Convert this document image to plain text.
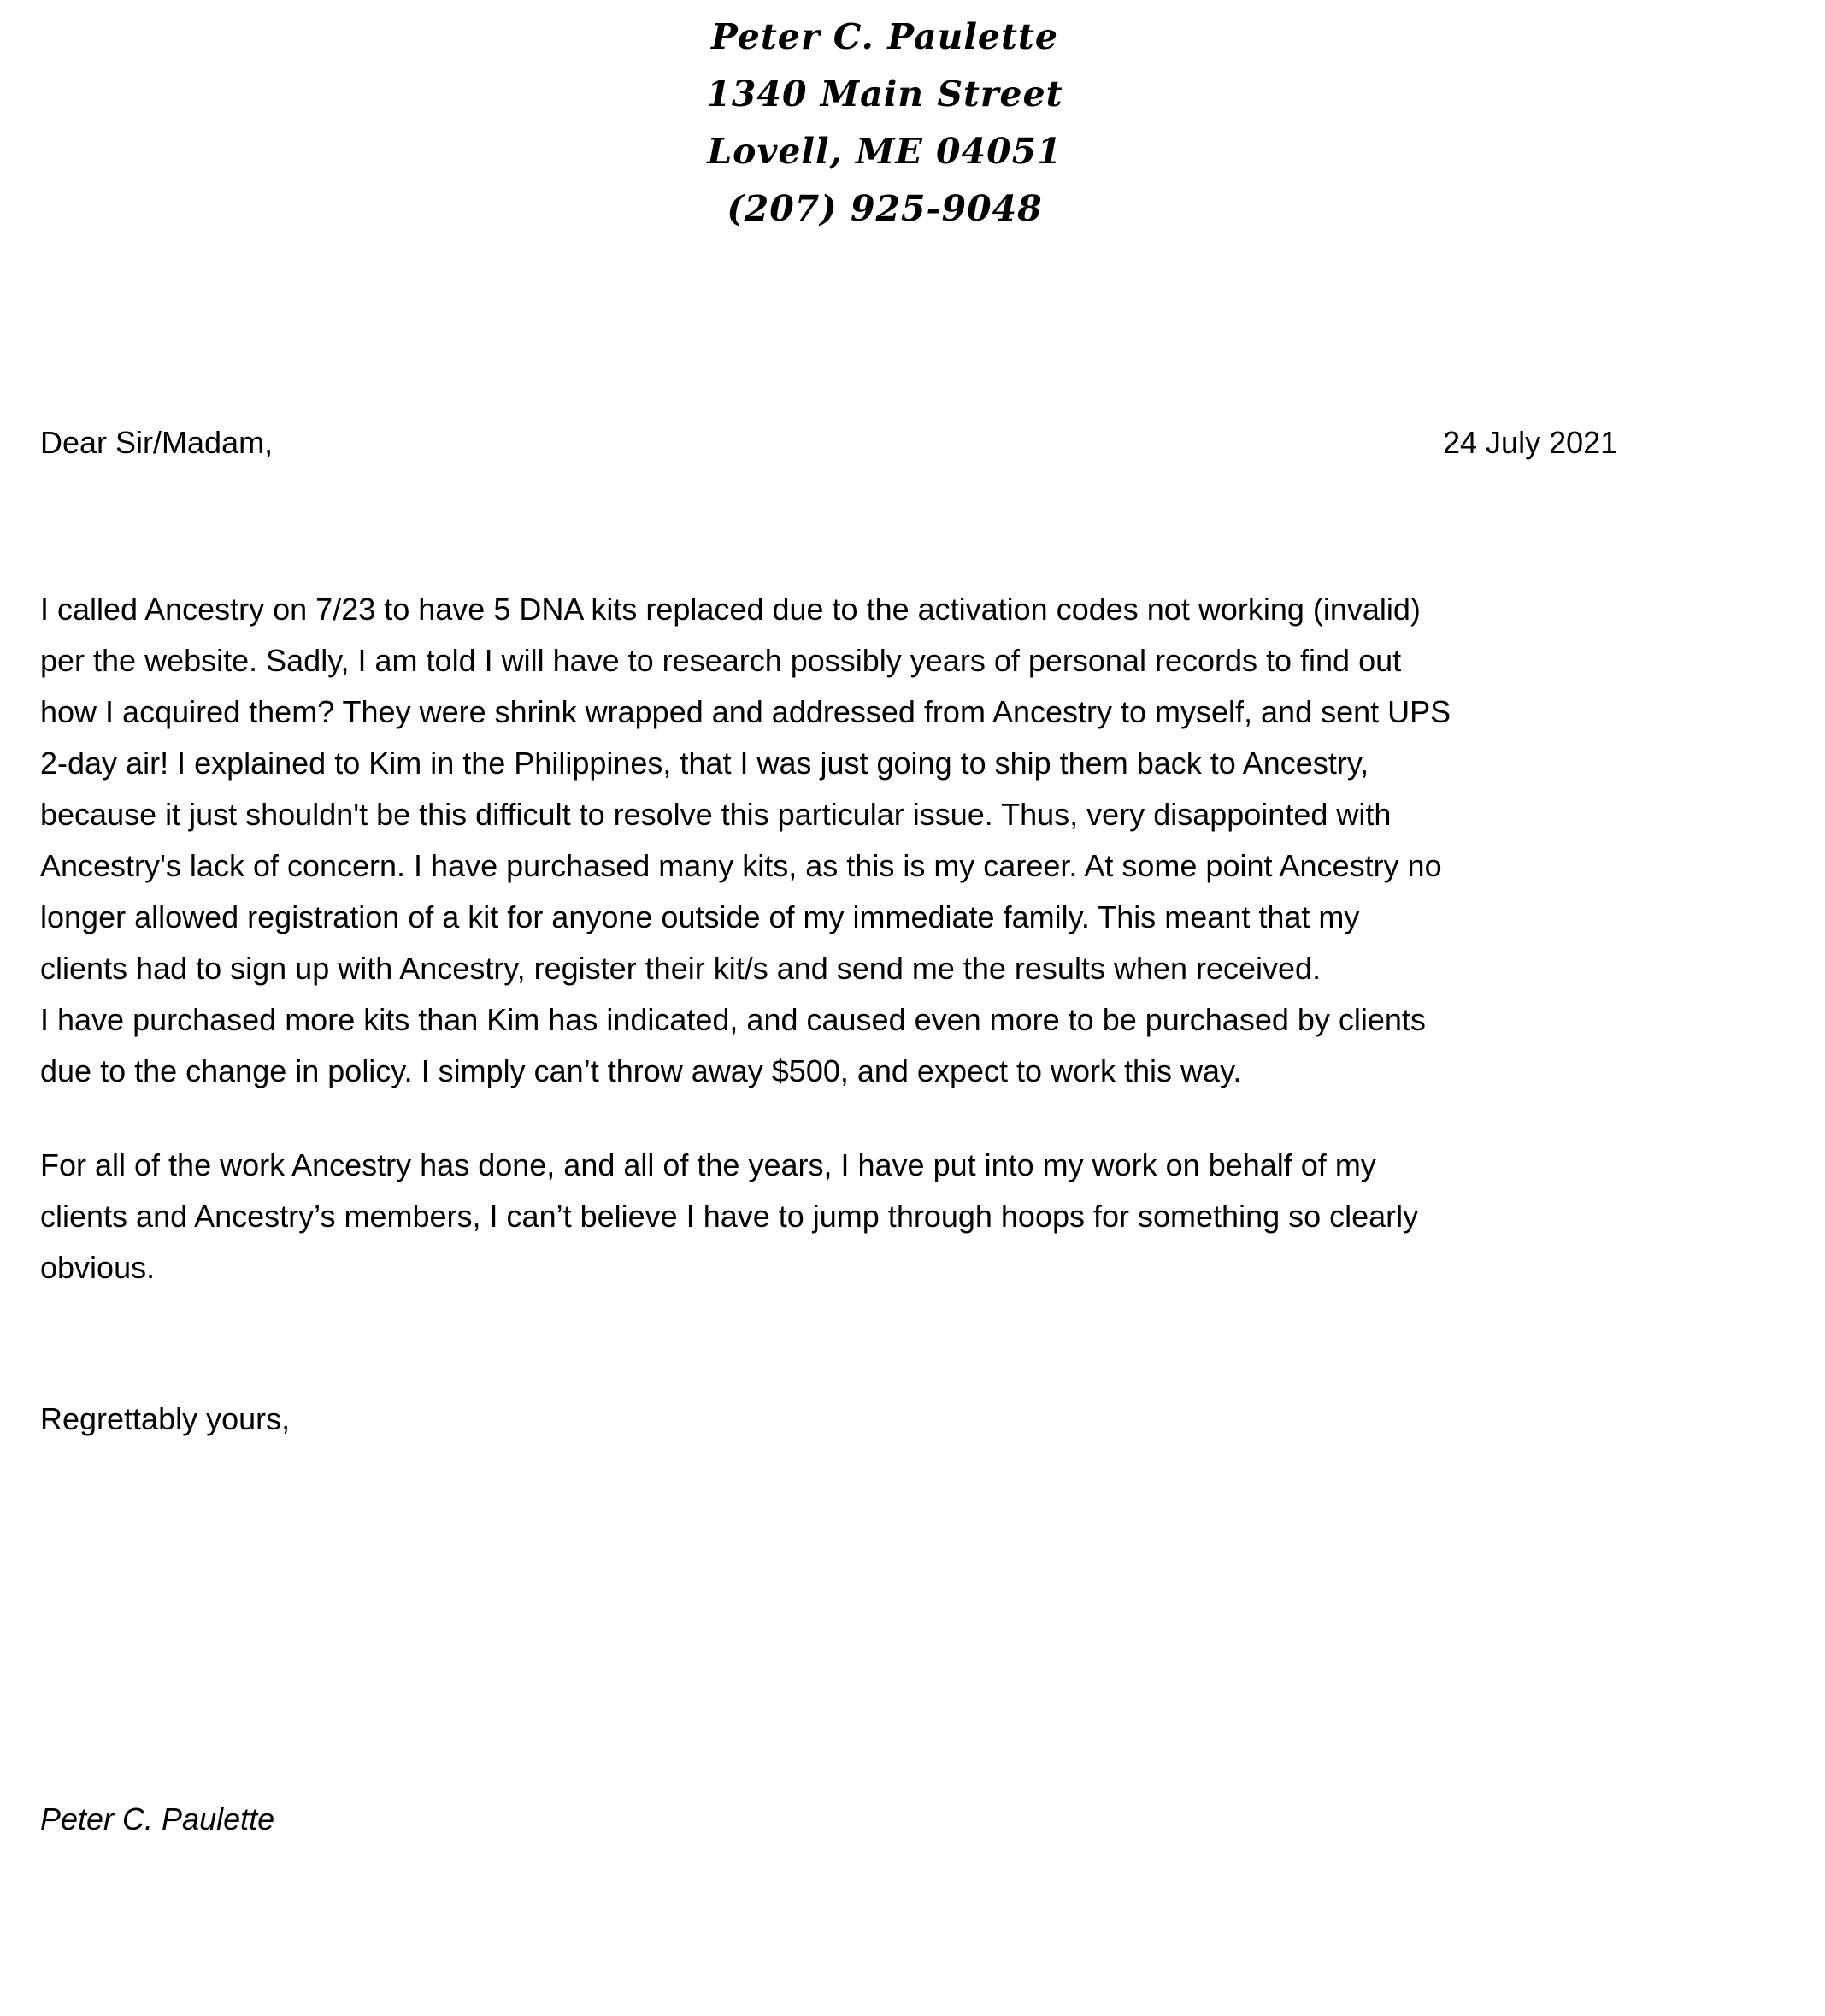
Peter C. Paulette
1340 Main Street
Lovell, ME 04051
(207) 925-9048
Dear Sir/Madam,	24 July 2021
I called Ancestry on 7/23 to have 5 DNA kits replaced due to the activation codes not working (invalid)
per the website. Sadly, I am told I will have to research possibly years of personal records to find out
how I acquired them? They were shrink wrapped and addressed from Ancestry to myself, and sent UPS
2-day air! I explained to Kim in the Philippines, that I was just going to ship them back to Ancestry,
because it just shouldn't be this difficult to resolve this particular issue. Thus, very disappointed with
Ancestry's lack of concern. I have purchased many kits, as this is my career. At some point Ancestry no
longer allowed registration of a kit for anyone outside of my immediate family. This meant that my
clients had to sign up with Ancestry, register their kit/s and send me the results when received.
I have purchased more kits than Kim has indicated, and caused even more to be purchased by clients
due to the change in policy. I simply can’t throw away $500, and expect to work this way.
For all of the work Ancestry has done, and all of the years, I have put into my work on behalf of my
clients and Ancestry’s members, I can’t believe I have to jump through hoops for something so clearly
obvious.
Regrettably yours,
Peter C. Paulette
